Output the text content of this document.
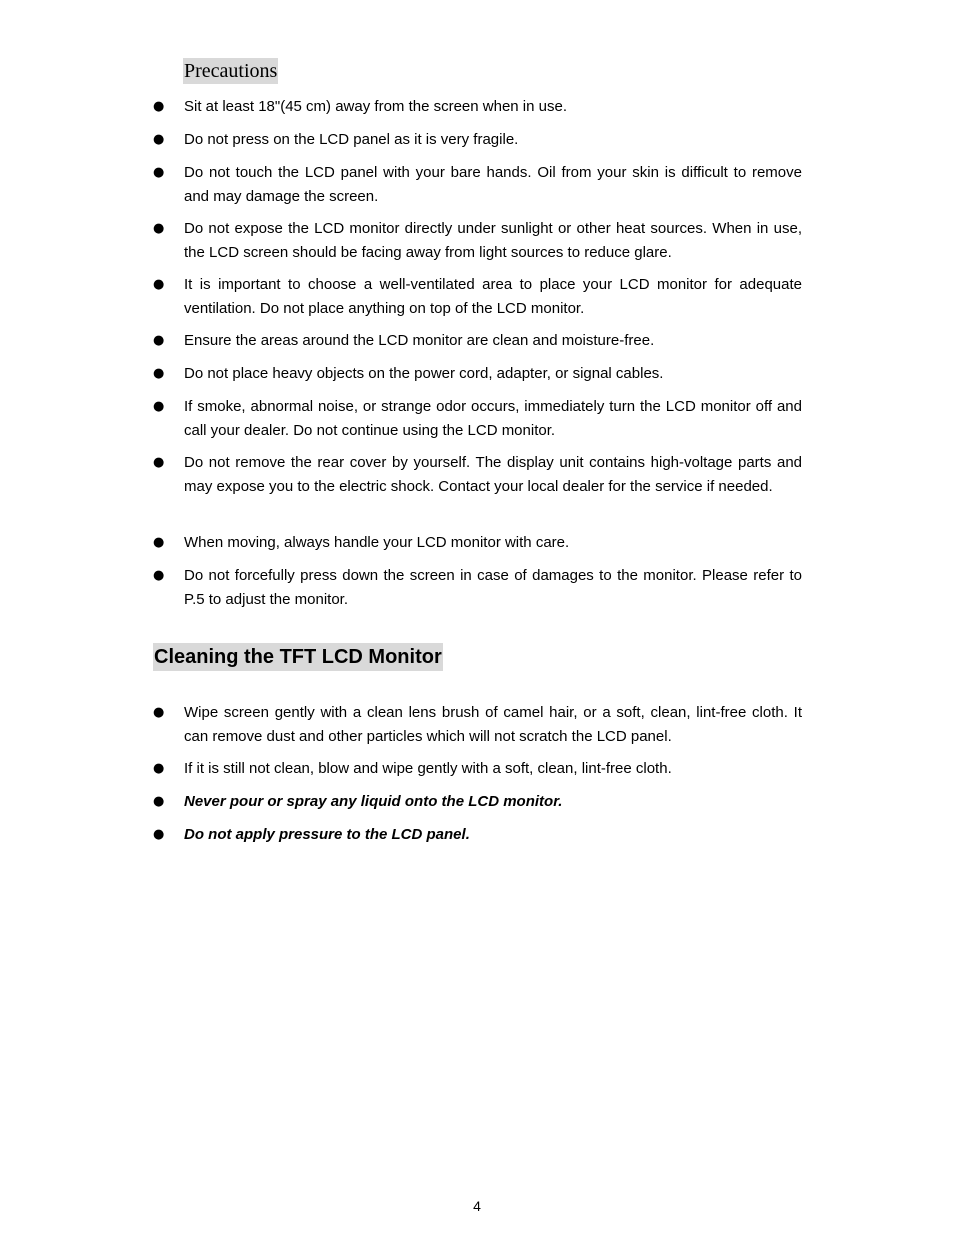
Precautions
●	Sit at least 18"(45 cm) away from the screen when in use.
●	Do not press on the LCD panel as it is very fragile.
●	Do not touch the LCD panel with your bare hands. Oil from your skin is difficult to remove and may damage the screen.
●	Do not expose the LCD monitor directly under sunlight or other heat sources. When in use, the LCD screen should be facing away from light sources to reduce glare.
●	It is important to choose a well-ventilated area to place your LCD monitor for adequate ventilation. Do not place anything on top of the LCD monitor.
●	Ensure the areas around the LCD monitor are clean and moisture-free.
●	Do not place heavy objects on the power cord, adapter, or signal cables.
●	If smoke, abnormal noise, or strange odor occurs, immediately turn the LCD monitor off and call your dealer. Do not continue using the LCD monitor.
●	Do not remove the rear cover by yourself. The display unit contains high-voltage parts and may expose you to the electric shock. Contact your local dealer for the service if needed.
●	When moving, always handle your LCD monitor with care.
●	Do not forcefully press down the screen in case of damages to the monitor. Please refer to P.5 to adjust the monitor.
Cleaning the TFT LCD Monitor
●	Wipe screen gently with a clean lens brush of camel hair, or a soft, clean, lint-free cloth. It can remove dust and other particles which will not scratch the LCD panel.
●	If it is still not clean, blow and wipe gently with a soft, clean, lint-free cloth.
●	Never pour or spray any liquid onto the LCD monitor.
●	Do not apply pressure to the LCD panel.
4
